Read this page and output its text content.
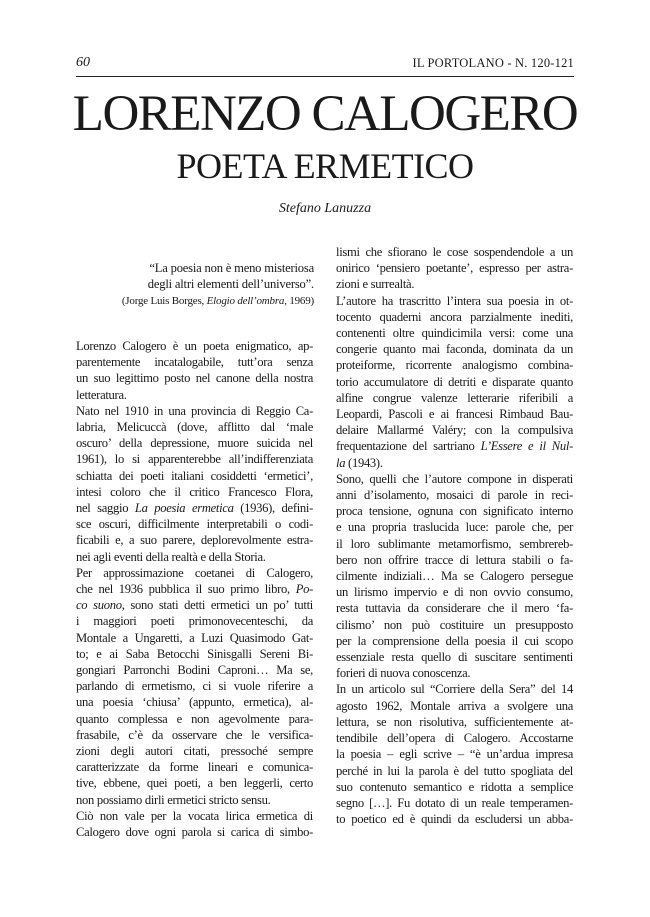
60	IL PORTOLANO - N. 120-121
LORENZO CALOGERO
POETA ERMETICO
Stefano Lanuzza
“La poesia non è meno misteriosa
degli altri elementi dell’universo”.
(Jorge Luis Borges, Elogio dell’ombra, 1969)
Lorenzo Calogero è un poeta enigmatico, ap-
parentemente incatalogabile, tutt’ora senza
un suo legittimo posto nel canone della nostra
letteratura.
Nato nel 1910 in una provincia di Reggio Ca-
labria, Melicuccà (dove, afflitto dal ‘male
oscuro’ della depressione, muore suicida nel
1961), lo si apparenterebbe all’indifferenziata
schiatta dei poeti italiani cosiddetti ‘ermetici’,
intesi coloro che il critico Francesco Flora,
nel saggio La poesia ermetica (1936), defini-
sce oscuri, difficilmente interpretabili o codi-
ficabili e, a suo parere, deplorevolmente estra-
nei agli eventi della realtà e della Storia.
Per approssimazione coetanei di Calogero,
che nel 1936 pubblica il suo primo libro, Po-
co suono, sono stati detti ermetici un po’ tutti
i maggiori poeti primonovecenteschi, da
Montale a Ungaretti, a Luzi Quasimodo Gat-
to; e ai Saba Betocchi Sinisgalli Sereni Bi-
gongiari Parronchi Bodini Caproni… Ma se,
parlando di ermetismo, ci si vuole riferire a
una poesia ‘chiusa’ (appunto, ermetica), al-
quanto complessa e non agevolmente para-
frasabile, c’è da osservare che le versifica-
zioni degli autori citati, pressoché sempre
caratterizzate da forme lineari e comunica-
tive, ebbene, quei poeti, a ben leggerli, certo
non possiamo dirli ermetici stricto sensu.
Ciò non vale per la vocata lirica ermetica di
Calogero dove ogni parola si carica di simbo-
lismi che sfiorano le cose sospendendole a un
onirico ‘pensiero poetante’, espresso per astra-
zioni e surrealtà.
L’autore ha trascritto l’intera sua poesia in ot-
tocento quaderni ancora parzialmente inediti,
contenenti oltre quindicimila versi: come una
congerie quanto mai faconda, dominata da un
proteiforme, ricorrente analogismo combina-
torio accumulatore di detriti e disparate quanto
alfine congrue valenze letterarie riferibili a
Leopardi, Pascoli e ai francesi Rimbaud Bau-
delaire Mallarmé Valéry; con la compulsiva
frequentazione del sartriano L’Essere e il Nul-
la (1943).
Sono, quelli che l’autore compone in disperati
anni d’isolamento, mosaici di parole in reci-
proca tensione, ognuna con significato interno
e una propria traslucida luce: parole che, per
il loro sublimante metamorfismo, sembrereb-
bero non offrire tracce di lettura stabili o fa-
cilmente indiziali… Ma se Calogero persegue
un lirismo impervio e di non ovvio consumo,
resta tuttavia da considerare che il mero ‘fa-
cilismo’ non può costituire un presupposto
per la comprensione della poesia il cui scopo
essenziale resta quello di suscitare sentimenti
forieri di nuova conoscenza.
In un articolo sul “Corriere della Sera” del 14
agosto 1962, Montale arriva a svolgere una
lettura, se non risolutiva, sufficientemente at-
tendibile dell’opera di Calogero. Accostarne
la poesia – egli scrive – “è un’ardua impresa
perché in lui la parola è del tutto spogliata del
suo contenuto semantico e ridotta a semplice
segno […]. Fu dotato di un reale temperamen-
to poetico ed è quindi da escludersi un abba-
